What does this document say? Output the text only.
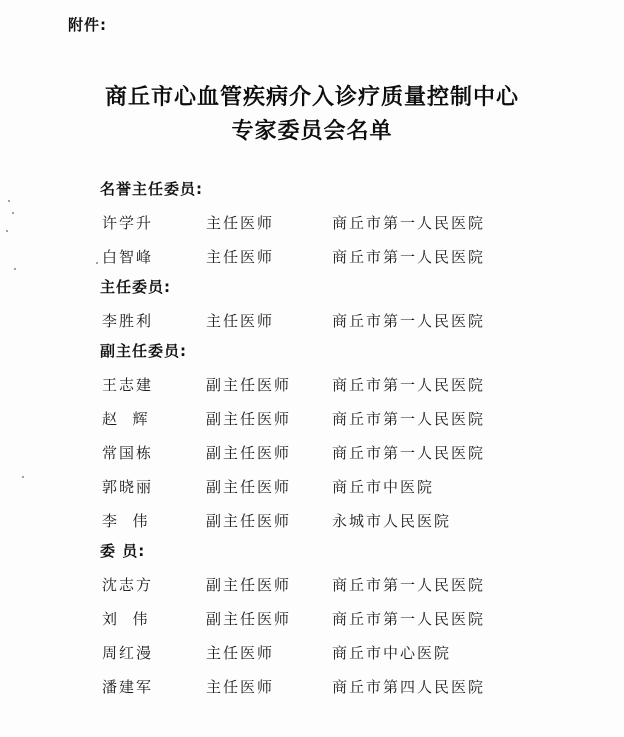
附件:
商丘市心血管疾病介入诊疗质量控制中心
专家委员会名单
名誉主任委员:
许学升	主任医师	商丘市第一人民医院
白智峰	主任医师	商丘市第一人民医院
主任委员:
李胜利	主任医师	商丘市第一人民医院
副主任委员:
王志建	副主任医师	商丘市第一人民医院
赵  辉	副主任医师	商丘市第一人民医院
常国栋	副主任医师	商丘市第一人民医院
郭晓丽	副主任医师	商丘市中医院
李  伟	副主任医师	永城市人民医院
委 员:
沈志方	副主任医师	商丘市第一人民医院
刘  伟	副主任医师	商丘市第一人民医院
周红漫	主任医师	商丘市中心医院
潘建军	主任医师	商丘市第四人民医院
